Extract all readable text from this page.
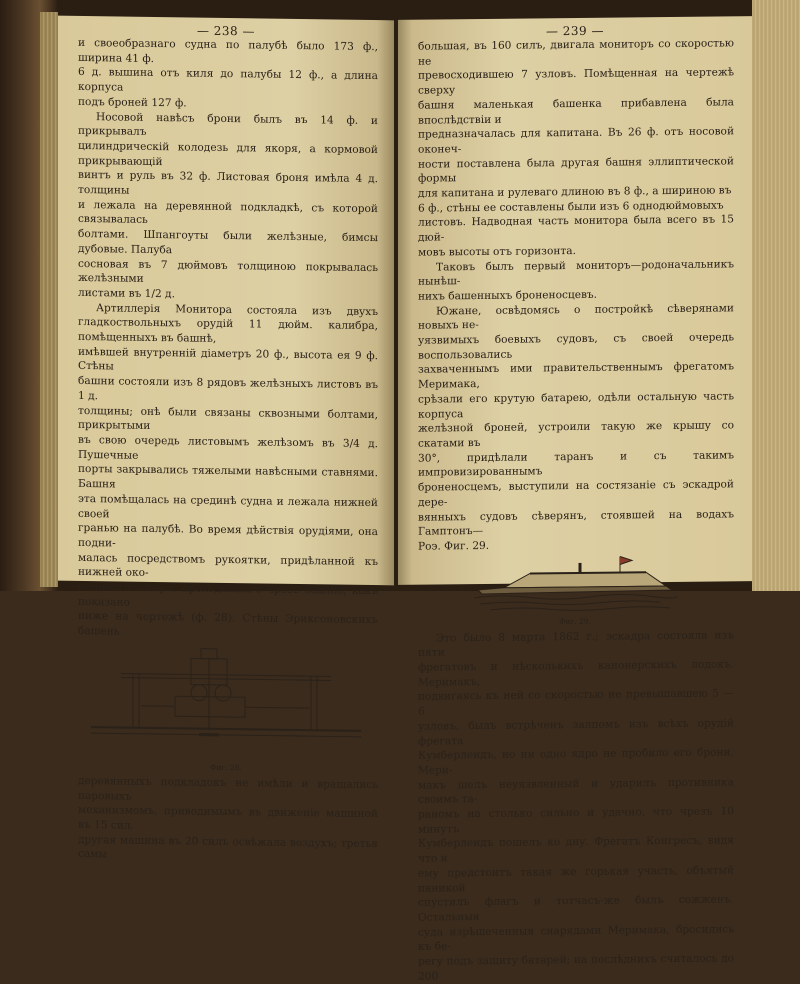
— 238 —

и своеобразнаго судна по палубѣ было 173 ф., ширина 41 ф.

6 д. вышина отъ киля до палубы 12 ф., а длина корпуса

подъ броней 127 ф.

Носовой навѣсъ брони былъ въ 14 ф. и прикрывалъ

цилиндрическій колодезь для якоря, а кормовой прикрывающій

винтъ и руль въ 32 ф. Листовая броня имѣла 4 д. толщины

и лежала на деревянной подкладкѣ, съ которой связывалась

болтами. Шпангоуты были желѣзные, бимсы дубовые. Палуба

сосновая въ 7 дюймовъ толщиною покрывалась желѣзными

листами въ 1/2 д.

Артиллерія Монитора состояла изъ двухъ гладкоствольныхъ орудій 11 дюйм. калибра, помѣщенныхъ въ башнѣ,

имѣвшей внутренній діаметръ 20 ф., высота ея 9 ф. Стѣны

башни состояли изъ 8 рядовъ желѣзныхъ листовъ въ 1 д.

толщины; онѣ были связаны сквозными болтами, прикрытыми

въ свою очередь листовымъ желѣзомъ въ 3/4 д. Пушечные

порты закрывались тяжелыми навѣсными ставнями. Башня

эта помѣщалась на срединѣ судна и лежала нижней своей

гранью на палубѣ. Во время дѣйствія орудіями, она подни-

малась посредствомъ рукоятки, придѣланной къ нижней око-

нечности штыря, проходившаго чрезъ башню, какъ показано

ниже на чертежѣ (ф. 28). Стѣны Эриксоновскихъ башень

Фиг. 28.

деревянныхъ подкладокъ не имѣли и вращались паровыхъ

механизмомъ, приводимымъ въ движеніе машиной въ 15 сил.

другая машина въ 20 силъ освѣжала воздухъ; третья самы

— 239 —

большая, въ 160 силъ, двигала мониторъ со скоростью не

превосходившею 7 узловъ. Помѣщенная на чертежѣ сверху

башня маленькая башенка прибавлена была впослѣдствіи и

предназначалась для капитана. Въ 26 ф. отъ носовой оконеч-

ности поставлена была другая башня эллиптической формы

для капитана и рулеваго длиною въ 8 ф., а шириною въ

6 ф., стѣны ее составлены были изъ 6 однодюймовыхъ

листовъ. Надводная часть монитора была всего въ 15 дюй-

мовъ высоты отъ горизонта.

Таковъ былъ первый мониторъ—родоначальникъ нынѣш-

нихъ башенныхъ броненосцевъ.

Южане, освѣдомясь о постройкѣ сѣверянами новыхъ не-

уязвимыхъ боевыхъ судовъ, съ своей очередь воспользовались

захваченнымъ ими правительственнымъ фрегатомъ Меримака,

срѣзали его крутую батарею, одѣли остальную часть корпуса

желѣзной броней, устроили такую же крышу со скатами въ

30°, придѣлали таранъ и съ такимъ импровизированнымъ

броненосцемъ, выступили на состязаніе съ эскадрой дере-

вянныхъ судовъ сѣверянъ, стоявшей на водахъ Гамптонъ—

Роэ. Фиг. 29.

Фиг. 29.

Это было 8 марта 1862 г.; эскадра состояла изъ пяти

фрегатовъ и нѣсколькихъ канонерскихъ лодокъ. Меримакъ,

подвигаясь къ ней со скоростью не превышавшею 5 — 6

узловъ, былъ встрѣченъ залпомъ изъ всѣхъ орудій фрегата

Кумберлендъ, но ни одно ядро не пробило его брони. Мери-

макъ шелъ неуязвленный и ударилъ противника своимъ та-

раномъ на столько сильно и удачно, что чрезъ 10 минутъ

Кумберлендъ пошелъ ко дну. Фрегатъ Конгресъ, видя что и

ему предстоитъ такая же горькая участь, объятый паникой

спустилъ флагъ и тотчасъ-же былъ сожженъ. Остальныя

суда изрѣшеченныя снарядами Меримака, бросились къ бе-

регу подъ защиту батарей; на послѣднихъ считалось до 200
